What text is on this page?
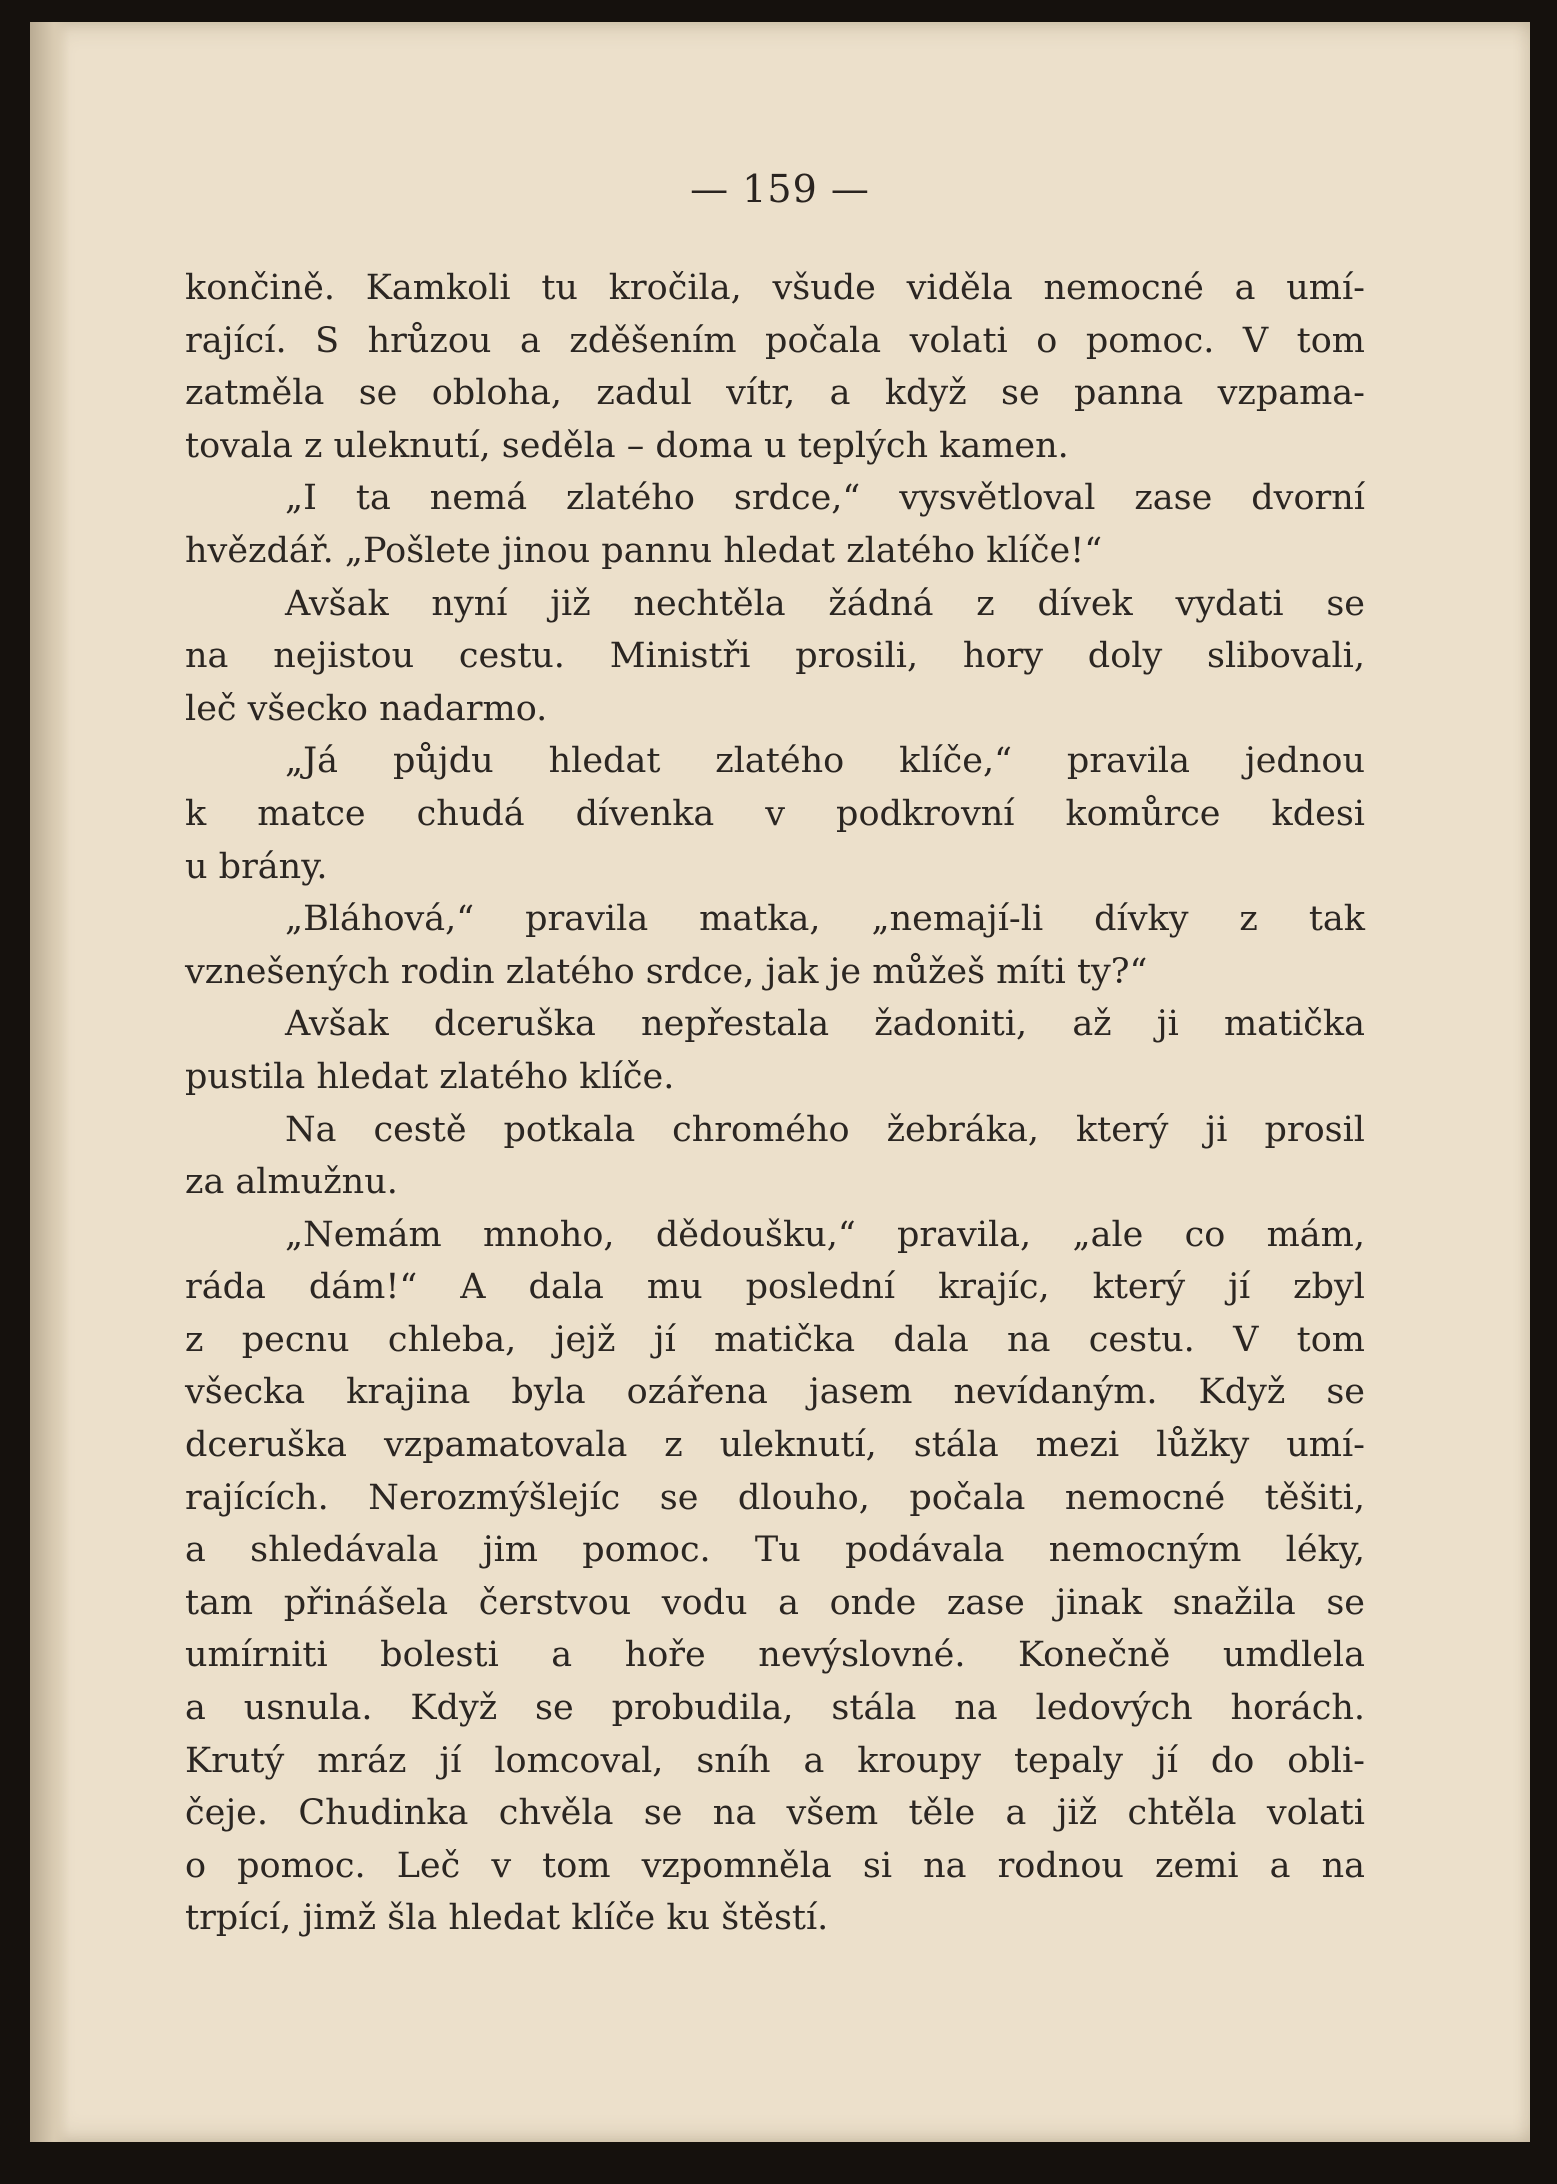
— 159 —
končině. Kamkoli tu kročila, všude viděla nemocné a umí-
rající. S hrůzou a zděšením počala volati o pomoc. V tom
zatměla se obloha, zadul vítr, a když se panna vzpama-
tovala z uleknutí, seděla – doma u teplých kamen.
„I ta nemá zlatého srdce,“ vysvětloval zase dvorní
hvězdář. „Pošlete jinou pannu hledat zlatého klíče!“
Avšak nyní již nechtěla žádná z dívek vydati se
na nejistou cestu. Ministři prosili, hory doly slibovali,
leč všecko nadarmo.
„Já půjdu hledat zlatého klíče,“ pravila jednou
k matce chudá dívenka v podkrovní komůrce kdesi
u brány.
„Bláhová,“ pravila matka, „nemají-li dívky z tak
vznešených rodin zlatého srdce, jak je můžeš míti ty?“
Avšak dceruška nepřestala žadoniti, až ji matička
pustila hledat zlatého klíče.
Na cestě potkala chromého žebráka, který ji prosil
za almužnu.
„Nemám mnoho, dědoušku,“ pravila, „ale co mám,
ráda dám!“ A dala mu poslední krajíc, který jí zbyl
z pecnu chleba, jejž jí matička dala na cestu. V tom
všecka krajina byla ozářena jasem nevídaným. Když se
dceruška vzpamatovala z uleknutí, stála mezi lůžky umí-
rajících. Nerozmýšlejíc se dlouho, počala nemocné těšiti,
a shledávala jim pomoc. Tu podávala nemocným léky,
tam přinášela čerstvou vodu a onde zase jinak snažila se
umírniti bolesti a hoře nevýslovné. Konečně umdlela
a usnula. Když se probudila, stála na ledových horách.
Krutý mráz jí lomcoval, sníh a kroupy tepaly jí do obli-
čeje. Chudinka chvěla se na všem těle a již chtěla volati
o pomoc. Leč v tom vzpomněla si na rodnou zemi a na
trpící, jimž šla hledat klíče ku štěstí.
